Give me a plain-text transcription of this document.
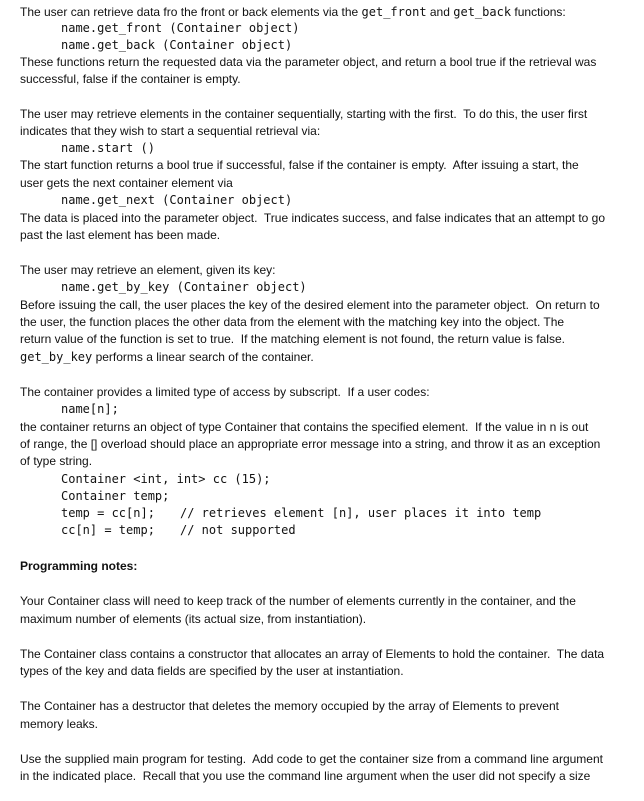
The user can retrieve data fro the front or back elements via the get_front and get_back functions:
name.get_front (Container object)
name.get_back (Container object)
These functions return the requested data via the parameter object, and return a bool true if the retrieval was
successful, false if the container is empty.
The user may retrieve elements in the container sequentially, starting with the first.  To do this, the user first
indicates that they wish to start a sequential retrieval via:
name.start ()
The start function returns a bool true if successful, false if the container is empty.  After issuing a start, the
user gets the next container element via
name.get_next (Container object)
The data is placed into the parameter object.  True indicates success, and false indicates that an attempt to go
past the last element has been made.
The user may retrieve an element, given its key:
name.get_by_key (Container object)
Before issuing the call, the user places the key of the desired element into the parameter object.  On return to
the user, the function places the other data from the element with the matching key into the object. The
return value of the function is set to true.  If the matching element is not found, the return value is false.
get_by_key performs a linear search of the container.
The container provides a limited type of access by subscript.  If a user codes:
name[n];
the container returns an object of type Container that contains the specified element.  If the value in n is out
of range, the [] overload should place an appropriate error message into a string, and throw it as an exception
of type string.
Container <int, int> cc (15);
Container temp;
temp = cc[n]; // retrieves element [n], user places it into temp
cc[n] = temp; // not supported
Programming notes:
Your Container class will need to keep track of the number of elements currently in the container, and the
maximum number of elements (its actual size, from instantiation).
The Container class contains a constructor that allocates an array of Elements to hold the container.  The data
types of the key and data fields are specified by the user at instantiation.
The Container has a destructor that deletes the memory occupied by the array of Elements to prevent
memory leaks.
Use the supplied main program for testing.  Add code to get the container size from a command line argument
in the indicated place.  Recall that you use the command line argument when the user did not specify a size
